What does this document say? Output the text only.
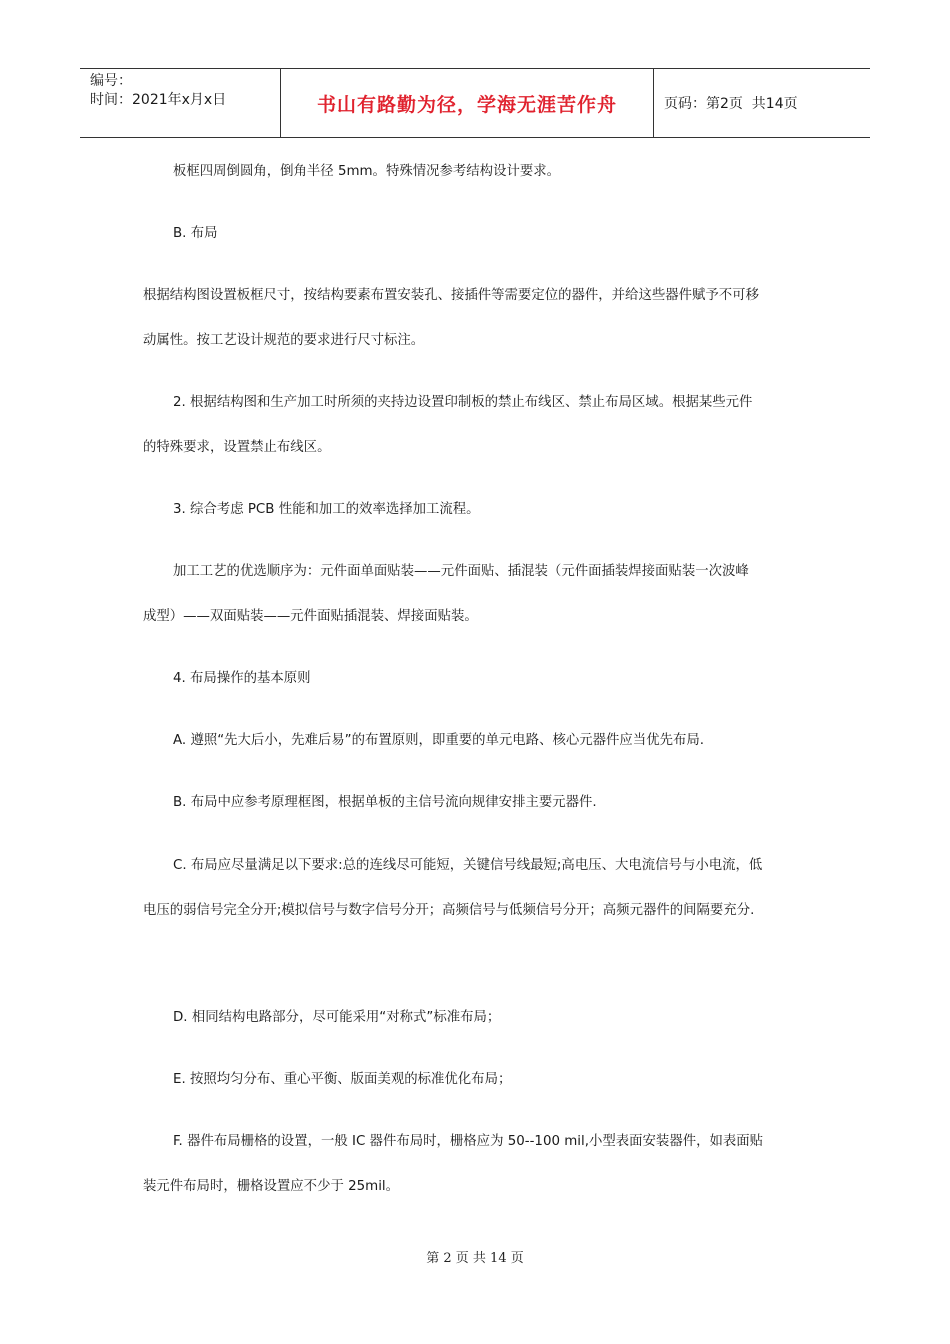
编号：
时间：2021年x月x日	书山有路勤为径，学海无涯苦作舟	页码：第2页  共14页
板框四周倒圆角，倒角半径 5mm。特殊情况参考结构设计要求。
B. 布局
根据结构图设置板框尺寸，按结构要素布置安装孔、接插件等需要定位的器件，并给这些器件赋予不可移
动属性。按工艺设计规范的要求进行尺寸标注。
2. 根据结构图和生产加工时所须的夹持边设置印制板的禁止布线区、禁止布局区域。根据某些元件
的特殊要求，设置禁止布线区。
3. 综合考虑 PCB 性能和加工的效率选择加工流程。
加工工艺的优选顺序为：元件面单面贴装——元件面贴、插混装（元件面插装焊接面贴装一次波峰
成型）——双面贴装——元件面贴插混装、焊接面贴装。
4. 布局操作的基本原则
A. 遵照“先大后小，先难后易”的布置原则，即重要的单元电路、核心元器件应当优先布局.
B. 布局中应参考原理框图，根据单板的主信号流向规律安排主要元器件.
C. 布局应尽量满足以下要求:总的连线尽可能短，关键信号线最短;高电压、大电流信号与小电流，低
电压的弱信号完全分开;模拟信号与数字信号分开；高频信号与低频信号分开；高频元器件的间隔要充分.
D. 相同结构电路部分，尽可能采用“对称式”标准布局；
E. 按照均匀分布、重心平衡、版面美观的标准优化布局；
F. 器件布局栅格的设置，一般 IC 器件布局时，栅格应为 50--100 mil,小型表面安装器件，如表面贴
装元件布局时，栅格设置应不少于 25mil。
第 2 页 共 14 页
